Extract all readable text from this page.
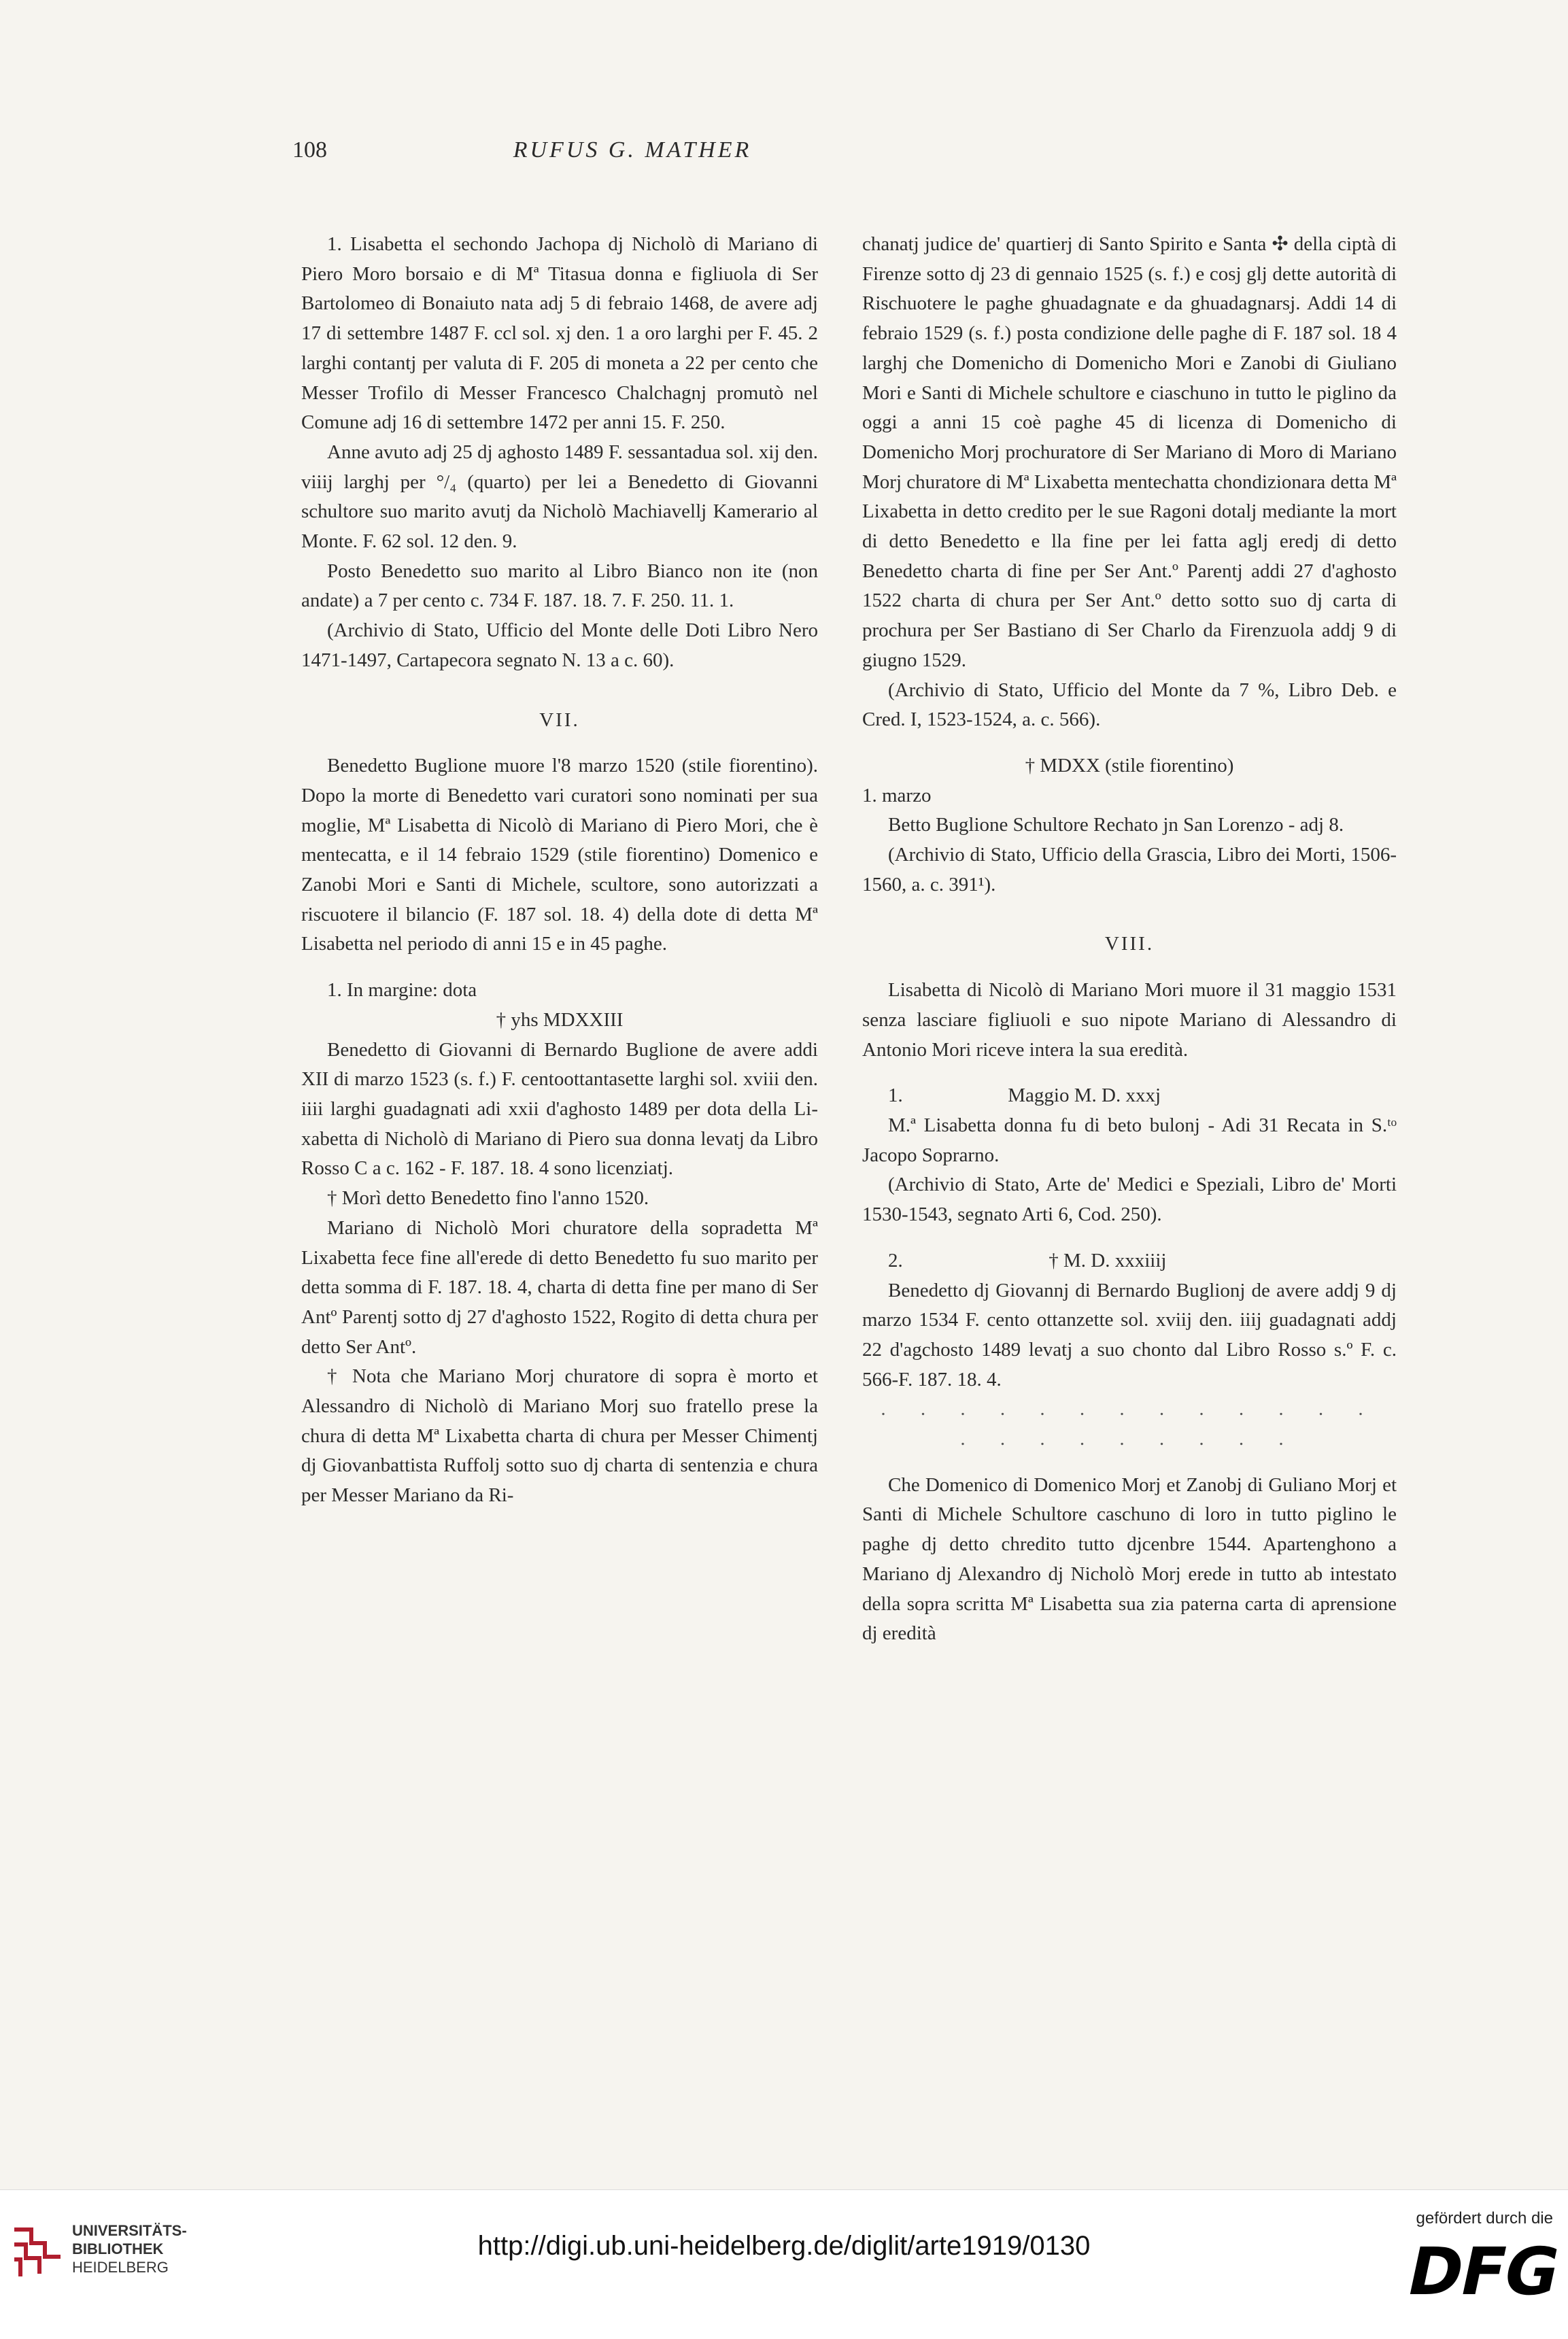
108	RUFUS G. MATHER

1. Lisabetta el sechondo Jachopa dj Nicholò di Mariano di Piero Moro borsaio e di Mª Titasua donna e figliuola di Ser Bartolomeo di Bonaiuto nata adj 5 di febraio 1468, de avere adj 17 di settembre 1487 F. ccl sol. xj den. 1 a oro larghi per F. 45. 2 larghi contantj per valuta di F. 205 di moneta a 22 per cento che Messer Trofilo di Messer Francesco Chalchagnj promutò nel Comune adj 16 di settembre 1472 per anni 15. F. 250.

Anne avuto adj 25 dj aghosto 1489 F. sessantadua sol. xij den. viiij larghj per °/₄ (quarto) per lei a Benedetto di Giovanni schultore suo marito avutj da Nicholò Machiavellj Kamerario al Monte. F. 62 sol. 12 den. 9.

Posto Benedetto suo marito al Libro Bianco non ite (non andate) a 7 per cento c. 734 F. 187. 18. 7. F. 250. 11. 1.

(Archivio di Stato, Ufficio del Monte delle Doti Libro Nero 1471-1497, Cartapecora segnato N. 13 a c. 60).

VII.

Benedetto Buglione muore l'8 marzo 1520 (stile fiorentino). Dopo la morte di Benedetto vari curatori sono nominati per sua moglie, Mª Lisabetta di Nicolò di Mariano di Piero Mori, che è mentecatta, e il 14 febraio 1529 (stile fiorentino) Domenico e Zanobi Mori e Santi di Michele, scultore, sono autorizzati a riscuotere il bilancio (F. 187 sol. 18. 4) della dote di detta Mª Lisabetta nel periodo di anni 15 e in 45 paghe.

1. In margine: dota

† yhs MDXXIII

Benedetto di Giovanni di Bernardo Buglione de avere addi XII di marzo 1523 (s. f.) F. centoottantasette larghi sol. xviii den. iiii larghi guadagnati adi xxii d'aghosto 1489 per dota della Lixabetta di Nicholò di Mariano di Piero sua donna levatj da Libro Rosso C a c. 162 - F. 187. 18. 4 sono licenziatj.

† Morì detto Benedetto fino l'anno 1520.

Mariano di Nicholò Mori churatore della sopradetta Mª Lixabetta fece fine all'erede di detto Benedetto fu suo marito per detta somma di F. 187. 18. 4, charta di detta fine per mano di Ser Antº Parentj sotto dj 27 d'aghosto 1522, Rogito di detta chura per detto Ser Antº.

† Nota che Mariano Morj churatore di sopra è morto et Alessandro di Nicholò di Mariano Morj suo fratello prese la chura di detta Mª Lixabetta charta di chura per Messer Chimentj dj Giovanbattista Ruffolj sotto suo dj charta di sentenzia e chura per Messer Mariano da Ri-

chanatj judice de' quartierj di Santo Spirito e Santa ✣ della ciptà di Firenze sotto dj 23 di gennaio 1525 (s. f.) e cosj glj dette autorità di Rischuotere le paghe ghuadagnate e da ghuadagnarsj. Addi 14 di febraio 1529 (s. f.) posta condizione delle paghe di F. 187 sol. 18 4 larghj che Domenicho di Domenicho Mori e Zanobi di Giuliano Mori e Santi di Michele schultore e ciaschuno in tutto le piglino da oggi a anni 15 coè paghe 45 di licenza di Domenicho di Domenicho Morj prochuratore di Ser Mariano di Moro di Mariano Morj churatore di Mª Lixabetta mentechatta chondizionara detta Mª Lixabetta in detto credito per le sue Ragoni dotalj mediante la mort di detto Benedetto e lla fine per lei fatta aglj eredj di detto Benedetto charta di fine per Ser Ant.º Parentj addi 27 d'aghosto 1522 charta di chura per Ser Ant.º detto sotto suo dj carta di prochura per Ser Bastiano di Ser Charlo da Firenzuola addj 9 di giugno 1529.

(Archivio di Stato, Ufficio del Monte da 7 %, Libro Deb. e Cred. I, 1523-1524, a. c. 566).

† MDXX (stile fiorentino)

1. marzo

Betto Buglione Schultore Rechato jn San Lorenzo - adj 8.

(Archivio di Stato, Ufficio della Grascia, Libro dei Morti, 1506-1560, a. c. 391¹).

VIII.

Lisabetta di Nicolò di Mariano Mori muore il 31 maggio 1531 senza lasciare figliuoli e suo nipote Mariano di Alessandro di Antonio Mori riceve intera la sua eredità.

1.	Maggio M. D. xxxj

M.ª Lisabetta donna fu di beto bulonj - Adi 31 Recata in S.ᵗᵒ Jacopo Soprarno.

(Archivio di Stato, Arte de' Medici e Speziali, Libro de' Morti 1530-1543, segnato Arti 6, Cod. 250).

2.	† M. D. xxxiiij

Benedetto dj Giovannj di Bernardo Buglionj de avere addj 9 dj marzo 1534 F. cento ottanzette sol. xviij den. iiij guadagnati addj 22 d'agchosto 1489 levatj a suo chonto dal Libro Rosso s.º F. c. 566-F. 187. 18. 4.

. . . . . . . . . . . . . . . . . . . . . .

Che Domenico di Domenico Morj et Zanobj di Guliano Morj et Santi di Michele Schultore caschuno di loro in tutto piglino le paghe dj detto chredito tutto djcenbre 1544. Apartenghono a Mariano dj Alexandro dj Nicholò Morj erede in tutto ab intestato della sopra scritta Mª Lisabetta sua zia paterna carta di aprensione dj eredità

UNIVERSITÄTS-
BIBLIOTHEK
HEIDELBERG
http://digi.ub.uni-heidelberg.de/diglit/arte1919/0130
gefördert durch die
DFG
